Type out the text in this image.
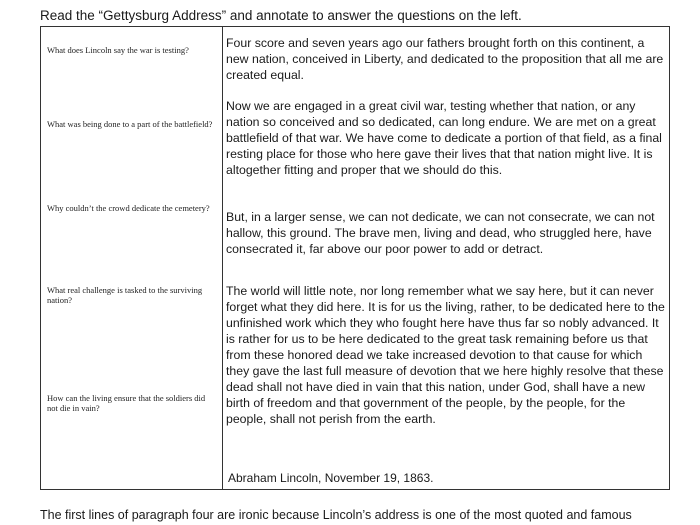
Read the “Gettysburg Address” and annotate to answer the questions on the left.
What does Lincoln say the war is testing?
What was being done to a part of the battlefield?
Why couldn’t the crowd dedicate the cemetery?
What real challenge is tasked to the surviving nation?
How can the living ensure that the soldiers did not die in vain?
Four score and seven years ago our fathers brought forth on this continent, a new nation, conceived in Liberty, and dedicated to the proposition that all me are created equal.
Now we are engaged in a great civil war, testing whether that nation, or any nation so conceived and so dedicated, can long endure. We are met on a great battlefield of that war. We have come to dedicate a portion of that field, as a final resting place for those who here gave their lives that that nation might live. It is altogether fitting and proper that we should do this.
But, in a larger sense, we can not dedicate, we can not consecrate, we can not hallow, this ground. The brave men, living and dead, who struggled here, have consecrated it, far above our poor power to add or detract.
The world will little note, nor long remember what we say here, but it can never forget what they did here. It is for us the living, rather, to be dedicated here to the unfinished work which they who fought here have thus far so nobly advanced. It is rather for us to be here dedicated to the great task remaining before us that from these honored dead we take increased devotion to that cause for which they gave the last full measure of devotion that we here highly resolve that these dead shall not have died in vain that this nation, under God, shall have a new birth of freedom and that government of the people, by the people, for the people, shall not perish from the earth.
Abraham Lincoln, November 19, 1863.
The first lines of paragraph four are ironic because Lincoln’s address is one of the most quoted and famous
